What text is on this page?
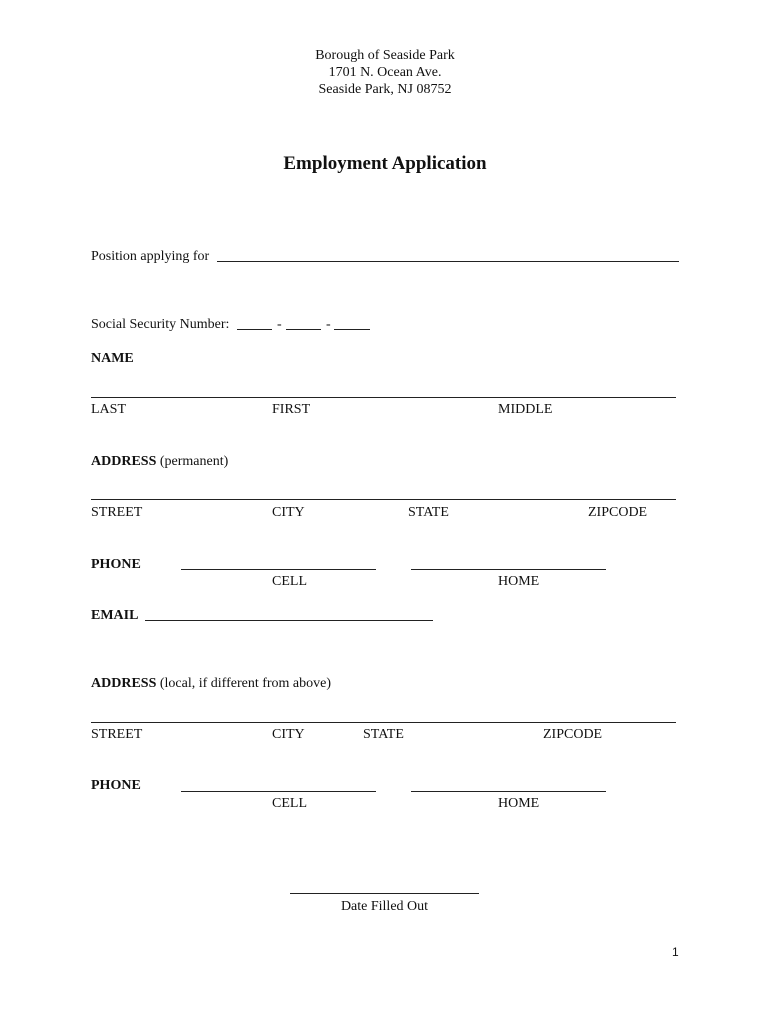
Borough of Seaside Park
1701 N. Ocean Ave.
Seaside Park, NJ 08752
Employment Application
Position applying for
Social Security Number:	-	-
NAME
LAST	FIRST	MIDDLE
ADDRESS (permanent)
STREET	CITY	STATE	ZIPCODE
PHONE
CELL	HOME
EMAIL
ADDRESS (local, if different from above)
STREET	CITY	STATE	ZIPCODE
PHONE
CELL	HOME
Date Filled Out
1
